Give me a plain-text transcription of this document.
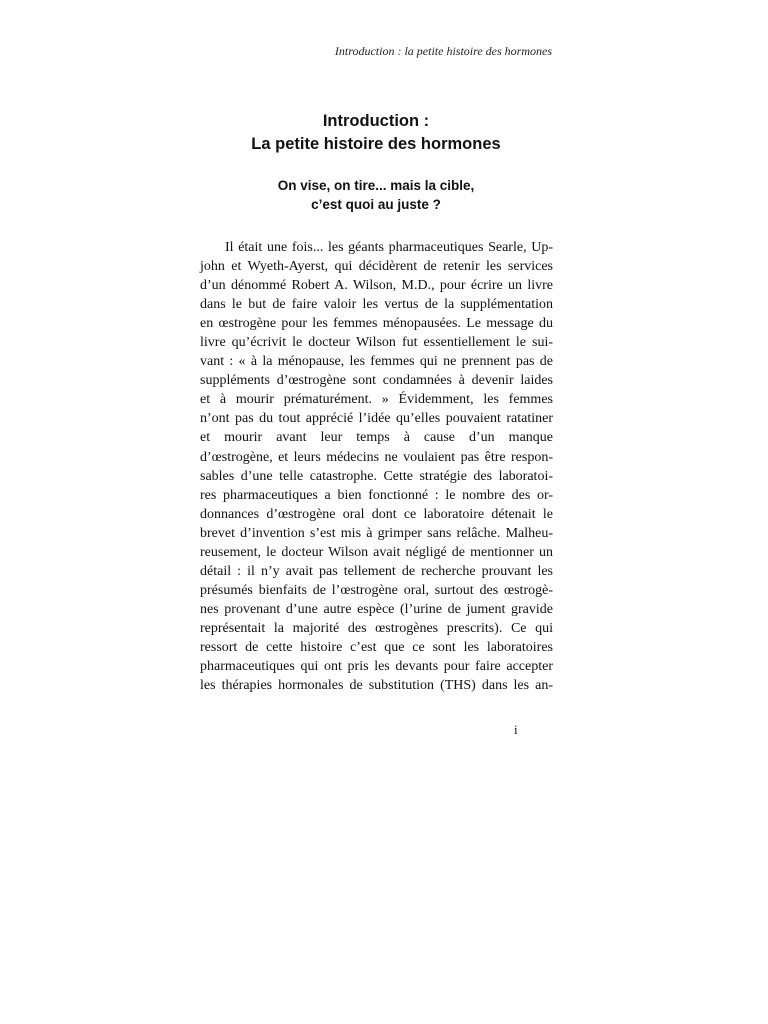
Introduction : la petite histoire des hormones
Introduction :
La petite histoire des hormones
On vise, on tire... mais la cible,
c’est quoi au juste ?
Il était une fois... les géants pharmaceutiques Searle, Up-
john et Wyeth-Ayerst, qui décidèrent de retenir les services
d’un dénommé Robert A. Wilson, M.D., pour écrire un livre
dans le but de faire valoir les vertus de la supplémentation
en œstrogène pour les femmes ménopausées. Le message du
livre qu’écrivit le docteur Wilson fut essentiellement le sui-
vant : « à la ménopause, les femmes qui ne prennent pas de
suppléments d’œstrogène sont condamnées à devenir laides
et à mourir prématurément. » Évidemment, les femmes
n’ont pas du tout apprécié l’idée qu’elles pouvaient ratatiner
et mourir avant leur temps à cause d’un manque
d’œstrogène, et leurs médecins ne voulaient pas être respon-
sables d’une telle catastrophe. Cette stratégie des laboratoi-
res pharmaceutiques a bien fonctionné : le nombre des or-
donnances d’œstrogène oral dont ce laboratoire détenait le
brevet d’invention s’est mis à grimper sans relâche. Malheu-
reusement, le docteur Wilson avait négligé de mentionner un
détail : il n’y avait pas tellement de recherche prouvant les
présumés bienfaits de l’œstrogène oral, surtout des œstrogè-
nes provenant d’une autre espèce (l’urine de jument gravide
représentait la majorité des œstrogènes prescrits). Ce qui
ressort de cette histoire c’est que ce sont les laboratoires
pharmaceutiques qui ont pris les devants pour faire accepter
les thérapies hormonales de substitution (THS) dans les an-
i
